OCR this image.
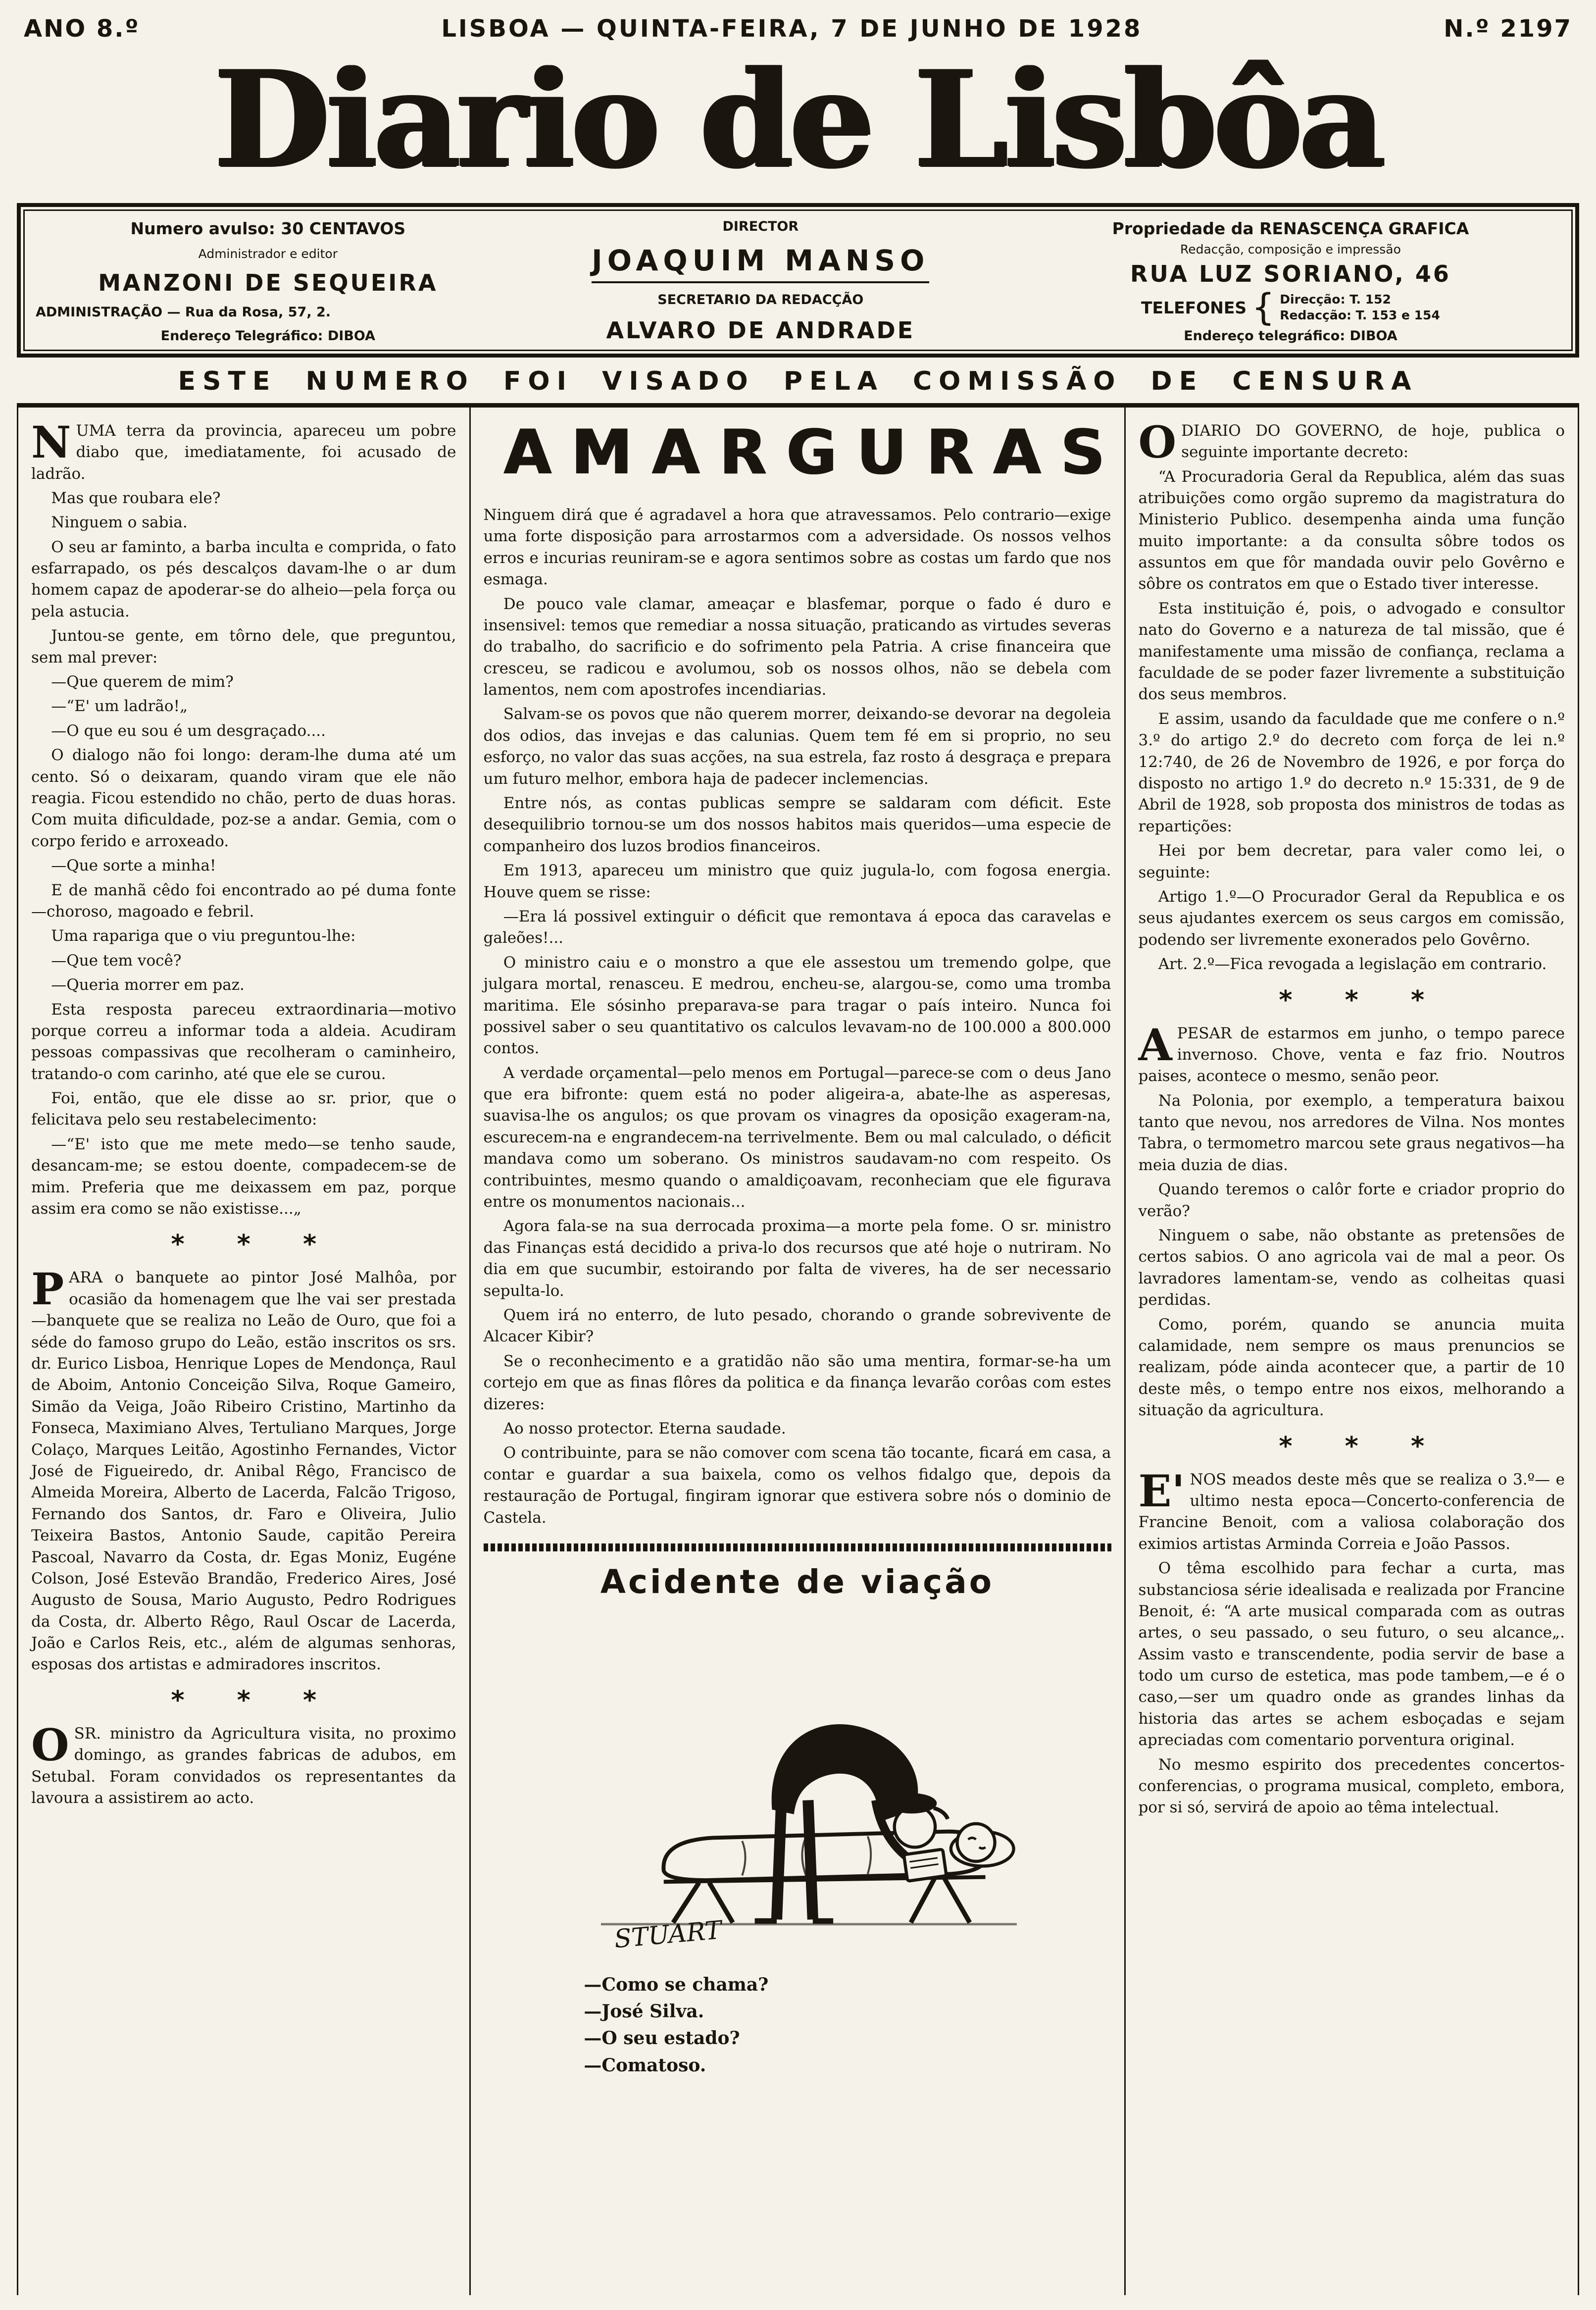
ANO 8.º	LISBOA — QUINTA-FEIRA, 7 DE JUNHO DE 1928	N.º 2197
Diario de Lisbôa
Numero avulso: 30 CENTAVOS
Administrador e editor
MANZONI DE SEQUEIRA
ADMINISTRAÇÃO — Rua da Rosa, 57, 2.
Endereço Telegráfico: DIBOA
DIRECTOR
JOAQUIM MANSO
SECRETARIO DA REDACÇÃO
ALVARO DE ANDRADE
Propriedade da RENASCENÇA GRAFICA
Redacção, composição e impressão
RUA LUZ SORIANO, 46
TELEFONES { Direcção: T. 152
Redacção: T. 153 e 154
Endereço telegráfico: DIBOA
ESTE NUMERO FOI VISADO PELA COMISSÃO DE CENSURA

NUMA terra da provincia, apareceu um pobre diabo que, imediatamente, foi acusado de ladrão.

Mas que roubara ele?

Ninguem o sabia.

O seu ar faminto, a barba inculta e comprida, o fato esfarrapado, os pés descalços davam-lhe o ar dum homem capaz de apoderar-se do alheio—pela força ou pela astucia.

Juntou-se gente, em tôrno dele, que preguntou, sem mal prever:

—Que querem de mim?

—“E' um ladrão!„

—O que eu sou é um desgraçado....

O dialogo não foi longo: deram-lhe duma até um cento. Só o deixaram, quando viram que ele não reagia. Ficou estendido no chão, perto de duas horas. Com muita dificuldade, poz-se a andar. Gemia, com o corpo ferido e arroxeado.

—Que sorte a minha!

E de manhã cêdo foi encontrado ao pé duma fonte—choroso, magoado e febril.

Uma rapariga que o viu preguntou-lhe:

—Que tem você?

—Queria morrer em paz.

Esta resposta pareceu extraordinaria—motivo porque correu a informar toda a aldeia. Acudiram pessoas compassivas que recolheram o caminheiro, tratando-o com carinho, até que ele se curou.

Foi, então, que ele disse ao sr. prior, que o felicitava pelo seu restabelecimento:

—“E' isto que me mete medo—se tenho saude, desancam-me; se estou doente, compadecem-se de mim. Preferia que me deixassem em paz, porque assim era como se não existisse...„

* * *

PARA o banquete ao pintor José Malhôa, por ocasião da homenagem que lhe vai ser prestada—banquete que se realiza no Leão de Ouro, que foi a séde do famoso grupo do Leão, estão inscritos os srs. dr. Eurico Lisboa, Henrique Lopes de Mendonça, Raul de Aboim, Antonio Conceição Silva, Roque Gameiro, Simão da Veiga, João Ribeiro Cristino, Martinho da Fonseca, Maximiano Alves, Tertuliano Marques, Jorge Colaço, Marques Leitão, Agostinho Fernandes, Victor José de Figueiredo, dr. Anibal Rêgo, Francisco de Almeida Moreira, Alberto de Lacerda, Falcão Trigoso, Fernando dos Santos, dr. Faro e Oliveira, Julio Teixeira Bastos, Antonio Saude, capitão Pereira Pascoal, Navarro da Costa, dr. Egas Moniz, Eugéne Colson, José Estevão Brandão, Frederico Aires, José Augusto de Sousa, Mario Augusto, Pedro Rodrigues da Costa, dr. Alberto Rêgo, Raul Oscar de Lacerda, João e Carlos Reis, etc., além de algumas senhoras, esposas dos artistas e admiradores inscritos.

* * *

OSR. ministro da Agricultura visita, no proximo domingo, as grandes fabricas de adubos, em Setubal. Foram convidados os representantes da lavoura a assistirem ao acto.

AMARGURAS

Ninguem dirá que é agradavel a hora que atravessamos. Pelo contrario—exige uma forte disposição para arrostarmos com a adversidade. Os nossos velhos erros e incurias reuniram-se e agora sentimos sobre as costas um fardo que nos esmaga.

De pouco vale clamar, ameaçar e blasfemar, porque o fado é duro e insensivel: temos que remediar a nossa situação, praticando as virtudes severas do trabalho, do sacrificio e do sofrimento pela Patria. A crise financeira que cresceu, se radicou e avolumou, sob os nossos olhos, não se debela com lamentos, nem com apostrofes incendiarias.

Salvam-se os povos que não querem morrer, deixando-se devorar na degoleia dos odios, das invejas e das calunias. Quem tem fé em si proprio, no seu esforço, no valor das suas acções, na sua estrela, faz rosto á desgraça e prepara um futuro melhor, embora haja de padecer inclemencias.

Entre nós, as contas publicas sempre se saldaram com déficit. Este desequilibrio tornou-se um dos nossos habitos mais queridos—uma especie de companheiro dos luzos brodios financeiros.

Em 1913, apareceu um ministro que quiz jugula-lo, com fogosa energia. Houve quem se risse:

—Era lá possivel extinguir o déficit que remontava á epoca das caravelas e galeões!...

O ministro caiu e o monstro a que ele assestou um tremendo golpe, que julgara mortal, renasceu. E medrou, encheu-se, alargou-se, como uma tromba maritima. Ele sósinho preparava-se para tragar o país inteiro. Nunca foi possivel saber o seu quantitativo os calculos levavam-no de 100.000 a 800.000 contos.

A verdade orçamental—pelo menos em Portugal—parece-se com o deus Jano que era bifronte: quem está no poder aligeira-a, abate-lhe as asperesas, suavisa-lhe os angulos; os que provam os vinagres da oposição exageram-na, escurecem-na e engrandecem-na terrivelmente. Bem ou mal calculado, o déficit mandava como um soberano. Os ministros saudavam-no com respeito. Os contribuintes, mesmo quando o amaldiçoavam, reconheciam que ele figurava entre os monumentos nacionais...

Agora fala-se na sua derrocada proxima—a morte pela fome. O sr. ministro das Finanças está decidido a priva-lo dos recursos que até hoje o nutriram. No dia em que sucumbir, estoirando por falta de viveres, ha de ser necessario sepulta-lo.

Quem irá no enterro, de luto pesado, chorando o grande sobrevivente de Alcacer Kibir?

Se o reconhecimento e a gratidão não são uma mentira, formar-se-ha um cortejo em que as finas flôres da politica e da finança levarão corôas com estes dizeres:

Ao nosso protector. Eterna saudade.

O contribuinte, para se não comover com scena tão tocante, ficará em casa, a contar e guardar a sua baixela, como os velhos fidalgo que, depois da restauração de Portugal, fingiram ignorar que estivera sobre nós o dominio de Castela.

Acidente de viação
STUART

—Como se chama?

—José Silva.

—O seu estado?

—Comatoso.

ODIARIO DO GOVERNO, de hoje, publica o seguinte importante decreto:

“A Procuradoria Geral da Republica, além das suas atribuições como orgão supremo da magistratura do Ministerio Publico. desempenha ainda uma função muito importante: a da consulta sôbre todos os assuntos em que fôr mandada ouvir pelo Govêrno e sôbre os contratos em que o Estado tiver interesse.

Esta instituição é, pois, o advogado e consultor nato do Governo e a natureza de tal missão, que é manifestamente uma missão de confiança, reclama a faculdade de se poder fazer livremente a substituição dos seus membros.

E assim, usando da faculdade que me confere o n.º 3.º do artigo 2.º do decreto com força de lei n.º 12:740, de 26 de Novembro de 1926, e por força do disposto no artigo 1.º do decreto n.º 15:331, de 9 de Abril de 1928, sob proposta dos ministros de todas as repartições:

Hei por bem decretar, para valer como lei, o seguinte:

Artigo 1.º—O Procurador Geral da Republica e os seus ajudantes exercem os seus cargos em comissão, podendo ser livremente exonerados pelo Govêrno.

Art. 2.º—Fica revogada a legislação em contrario.

* * *

APESAR de estarmos em junho, o tempo parece invernoso. Chove, venta e faz frio. Noutros paises, acontece o mesmo, senão peor.

Na Polonia, por exemplo, a temperatura baixou tanto que nevou, nos arredores de Vilna. Nos montes Tabra, o termometro marcou sete graus negativos—ha meia duzia de dias.

Quando teremos o calôr forte e criador proprio do verão?

Ninguem o sabe, não obstante as pretensões de certos sabios. O ano agricola vai de mal a peor. Os lavradores lamentam-se, vendo as colheitas quasi perdidas.

Como, porém, quando se anuncia muita calamidade, nem sempre os maus prenuncios se realizam, póde ainda acontecer que, a partir de 10 deste mês, o tempo entre nos eixos, melhorando a situação da agricultura.

* * *

E'NOS meados deste mês que se realiza o 3.º— e ultimo nesta epoca—Concerto-conferencia de Francine Benoit, com a valiosa colaboração dos eximios artistas Arminda Correia e João Passos.

O têma escolhido para fechar a curta, mas substanciosa série idealisada e realizada por Francine Benoit, é: “A arte musical comparada com as outras artes, o seu passado, o seu futuro, o seu alcance„. Assim vasto e transcendente, podia servir de base a todo um curso de estetica, mas pode tambem,—e é o caso,—ser um quadro onde as grandes linhas da historia das artes se achem esboçadas e sejam apreciadas com comentario porventura original.

No mesmo espirito dos precedentes concertos-conferencias, o programa musical, completo, embora, por si só, servirá de apoio ao têma intelectual.
